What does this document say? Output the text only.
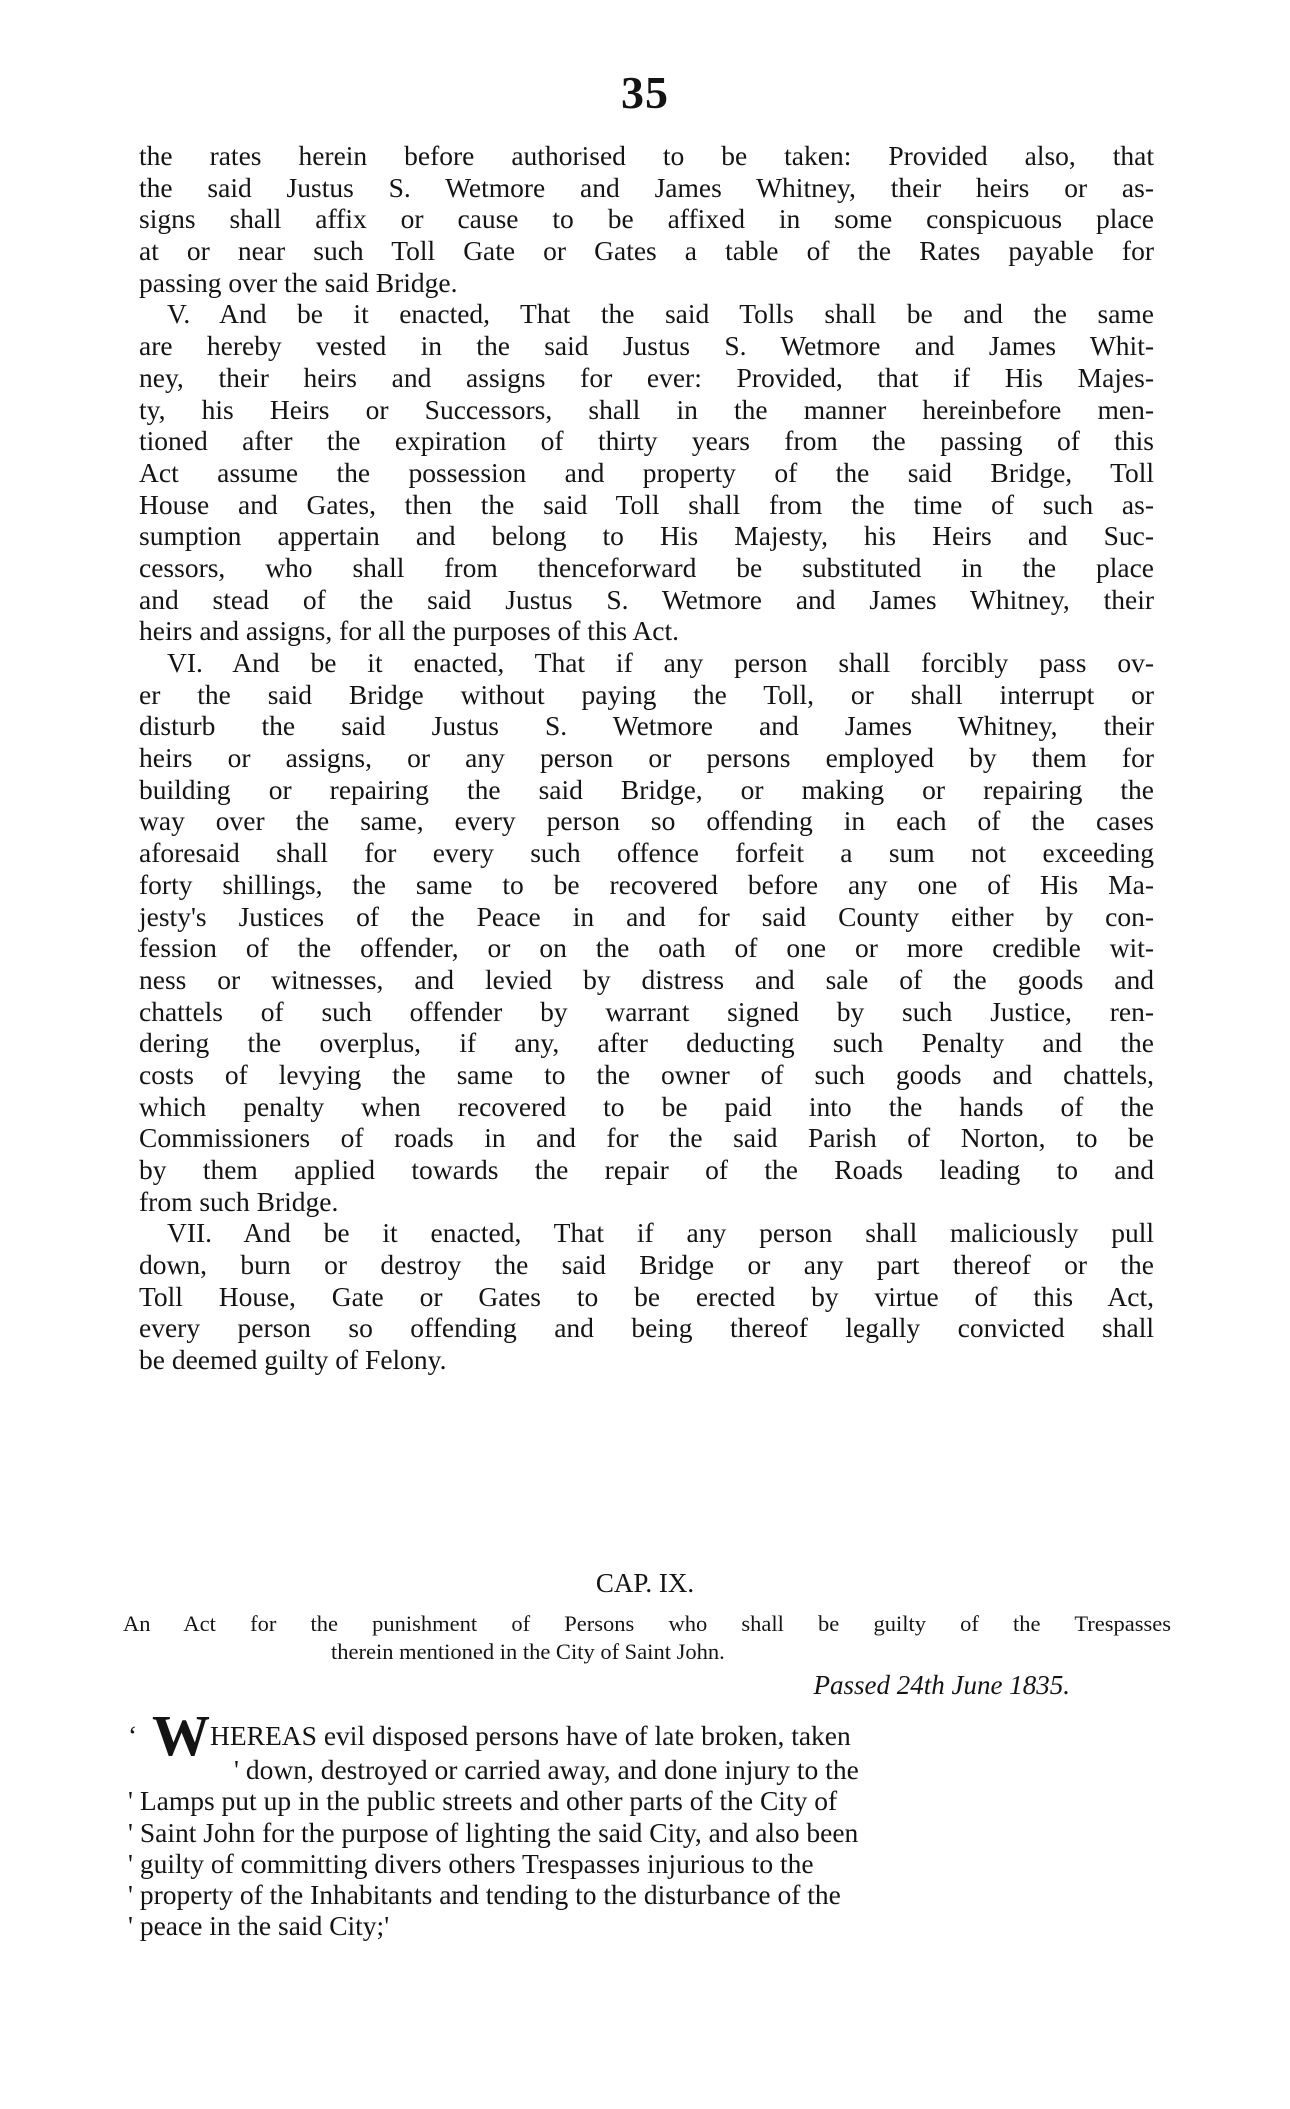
35
the rates herein before authorised to be taken: Provided also, that
the said Justus S. Wetmore and James Whitney, their heirs or as-
signs shall affix or cause to be affixed in some conspicuous place
at or near such Toll Gate or Gates a table of the Rates payable for
passing over the said Bridge.
V. And be it enacted, That the said Tolls shall be and the same
are hereby vested in the said Justus S. Wetmore and James Whit-
ney, their heirs and assigns for ever: Provided, that if His Majes-
ty, his Heirs or Successors, shall in the manner hereinbefore men-
tioned after the expiration of thirty years from the passing of this
Act assume the possession and property of the said Bridge, Toll
House and Gates, then the said Toll shall from the time of such as-
sumption appertain and belong to His Majesty, his Heirs and Suc-
cessors, who shall from thenceforward be substituted in the place
and stead of the said Justus S. Wetmore and James Whitney, their
heirs and assigns, for all the purposes of this Act.
VI. And be it enacted, That if any person shall forcibly pass ov-
er the said Bridge without paying the Toll, or shall interrupt or
disturb the said Justus S. Wetmore and James Whitney, their
heirs or assigns, or any person or persons employed by them for
building or repairing the said Bridge, or making or repairing the
way over the same, every person so offending in each of the cases
aforesaid shall for every such offence forfeit a sum not exceeding
forty shillings, the same to be recovered before any one of His Ma-
jesty's Justices of the Peace in and for said County either by con-
fession of the offender, or on the oath of one or more credible wit-
ness or witnesses, and levied by distress and sale of the goods and
chattels of such offender by warrant signed by such Justice, ren-
dering the overplus, if any, after deducting such Penalty and the
costs of levying the same to the owner of such goods and chattels,
which penalty when recovered to be paid into the hands of the
Commissioners of roads in and for the said Parish of Norton, to be
by them applied towards the repair of the Roads leading to and
from such Bridge.
VII. And be it enacted, That if any person shall maliciously pull
down, burn or destroy the said Bridge or any part thereof or the
Toll House, Gate or Gates to be erected by virtue of this Act,
every person so offending and being thereof legally convicted shall
be deemed guilty of Felony.
CAP. IX.
An Act for the punishment of Persons who shall be guilty of the Trespasses
therein mentioned in the City of Saint John.
Passed 24th June 1835.
‘ WHEREAS evil disposed persons have of late broken, taken
' down, destroyed or carried away, and done injury to the
' Lamps put up in the public streets and other parts of the City of
' Saint John for the purpose of lighting the said City, and also been
' guilty of committing divers others Trespasses injurious to the
' property of the Inhabitants and tending to the disturbance of the
' peace in the said City;'
